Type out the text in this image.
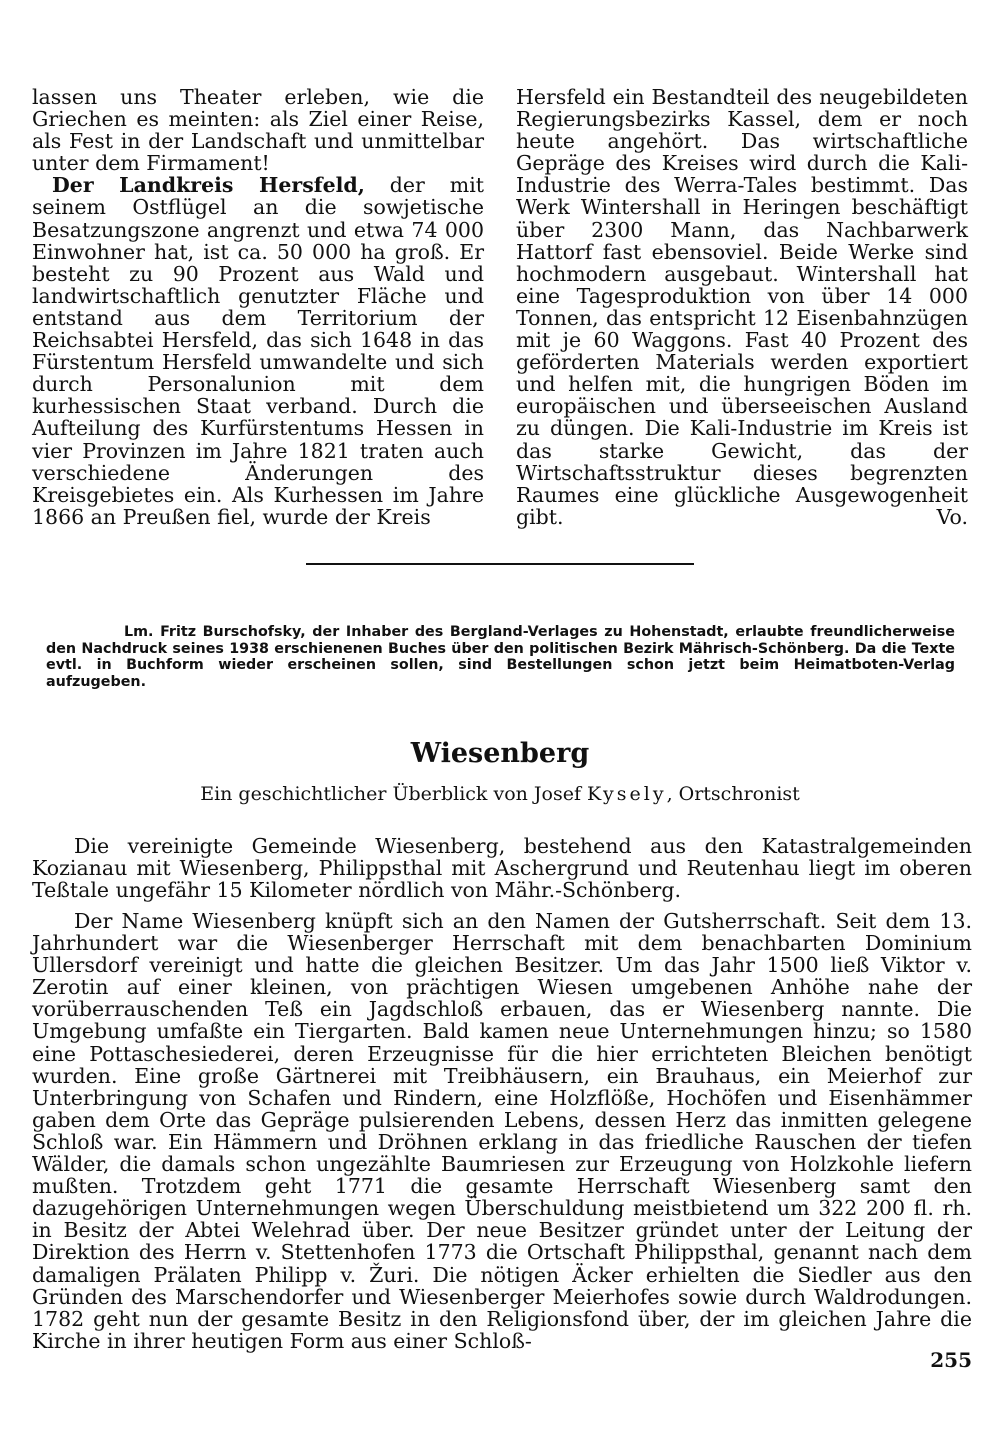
lassen uns Theater erleben, wie die Griechen es meinten: als Ziel einer Reise, als Fest in der Landschaft und unmittelbar unter dem Firmament!

Der Landkreis Hersfeld, der mit seinem Ostflügel an die sowjetische Besatzungszone angrenzt und etwa 74 000 Einwohner hat, ist ca. 50 000 ha groß. Er besteht zu 90 Prozent aus Wald und landwirtschaftlich genutzter Fläche und entstand aus dem Territorium der Reichsabtei Hersfeld, das sich 1648 in das Fürstentum Hersfeld umwandelte und sich durch Personalunion mit dem kurhessischen Staat verband. Durch die Aufteilung des Kurfürstentums Hessen in vier Provinzen im Jahre 1821 traten auch verschiedene Änderungen des Kreisgebietes ein. Als Kurhessen im Jahre 1866 an Preußen fiel, wurde der Kreis

Hersfeld ein Bestandteil des neugebildeten Regierungsbezirks Kassel, dem er noch heute angehört. Das wirtschaftliche Gepräge des Kreises wird durch die Kali-Industrie des Werra-Tales bestimmt. Das Werk Wintershall in Heringen beschäftigt über 2300 Mann, das Nachbarwerk Hattorf fast ebensoviel. Beide Werke sind hochmodern ausgebaut. Wintershall hat eine Tagesproduktion von über 14 000 Tonnen, das entspricht 12 Eisenbahnzügen mit je 60 Waggons. Fast 40 Prozent des geförderten Materials werden exportiert und helfen mit, die hungrigen Böden im europäischen und überseeischen Ausland zu düngen. Die Kali-Industrie im Kreis ist das starke Gewicht, das der Wirtschaftsstruktur dieses begrenzten Raumes eine glückliche Ausgewogenheit gibt.	Vo.

Lm. Fritz Burschofsky, der Inhaber des Bergland-Verlages zu Hohenstadt, erlaubte freundlicherweise den Nachdruck seines 1938 erschienenen Buches über den politischen Bezirk Mährisch-Schönberg. Da die Texte evtl. in Buchform wieder erscheinen sollen, sind Bestellungen schon jetzt beim Heimatboten-Verlag aufzugeben.

Wiesenberg

Ein geschichtlicher Überblick von Josef Kysely, Ortschronist

Die vereinigte Gemeinde Wiesenberg, bestehend aus den Katastralgemeinden Kozianau mit Wiesenberg, Philippsthal mit Aschergrund und Reutenhau liegt im oberen Teßtale ungefähr 15 Kilometer nördlich von Mähr.-Schönberg.

Der Name Wiesenberg knüpft sich an den Namen der Gutsherrschaft. Seit dem 13. Jahrhundert war die Wiesenberger Herrschaft mit dem benachbarten Dominium Ullersdorf vereinigt und hatte die gleichen Besitzer. Um das Jahr 1500 ließ Viktor v. Zerotin auf einer kleinen, von prächtigen Wiesen umgebenen Anhöhe nahe der vorüberrauschenden Teß ein Jagdschloß erbauen, das er Wiesenberg nannte. Die Umgebung umfaßte ein Tiergarten. Bald kamen neue Unternehmungen hinzu; so 1580 eine Pottaschesiederei, deren Erzeugnisse für die hier errichteten Bleichen benötigt wurden. Eine große Gärtnerei mit Treibhäusern, ein Brauhaus, ein Meierhof zur Unterbringung von Schafen und Rindern, eine Holzflöße, Hochöfen und Eisenhämmer gaben dem Orte das Gepräge pulsierenden Lebens, dessen Herz das inmitten gelegene Schloß war. Ein Hämmern und Dröhnen erklang in das friedliche Rauschen der tiefen Wälder, die damals schon ungezählte Baumriesen zur Erzeugung von Holzkohle liefern mußten. Trotzdem geht 1771 die gesamte Herrschaft Wiesenberg samt den dazugehörigen Unternehmungen wegen Überschuldung meistbietend um 322 200 fl. rh. in Besitz der Abtei Welehrad über. Der neue Besitzer gründet unter der Leitung der Direktion des Herrn v. Stettenhofen 1773 die Ortschaft Philippsthal, genannt nach dem damaligen Prälaten Philipp v. Žuri. Die nötigen Äcker erhielten die Siedler aus den Gründen des Marschendorfer und Wiesenberger Meierhofes sowie durch Waldrodungen. 1782 geht nun der gesamte Besitz in den Religionsfond über, der im gleichen Jahre die Kirche in ihrer heutigen Form aus einer Schloß-

255
